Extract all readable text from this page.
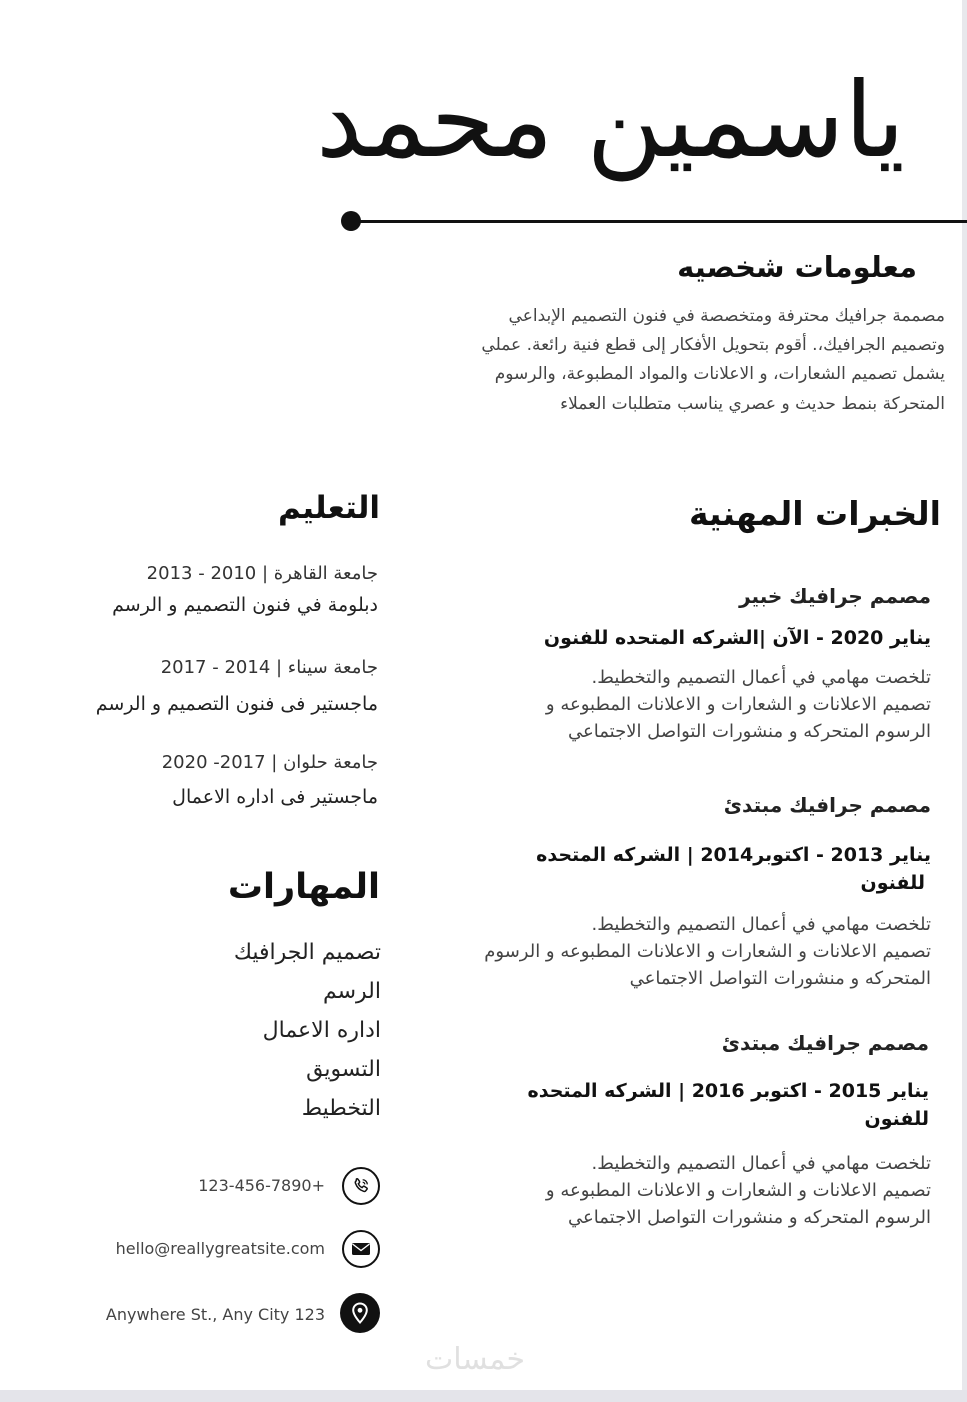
ياسمين محمد
معلومات شخصيه
مصممة جرافيك محترفة ومتخصصة في فنون التصميم الإبداعي
وتصميم الجرافيك،. أقوم بتحويل الأفكار إلى قطع فنية رائعة. عملي
يشمل تصميم الشعارات، و الاعلانات والمواد المطبوعة، والرسوم
المتحركة بنمط حديث و عصري يناسب متطلبات العملاء
الخبرات المهنية
مصمم جرافيك خبير
يناير 2020 - الآن |الشركه المتحده للفنون
تلخصت مهامي في أعمال التصميم والتخطيط.
تصميم الاعلانات و الشعارات و الاعلانات المطبوعه و
الرسوم المتحركه و منشورات التواصل الاجتماعي
مصمم جرافيك مبتدئ
يناير 2013 - اكتوبر2014 | الشركه المتحده
للفنون
تلخصت مهامي في أعمال التصميم والتخطيط.
تصميم الاعلانات و الشعارات و الاعلانات المطبوعه و الرسوم
المتحركه و منشورات التواصل الاجتماعي
مصمم جرافيك مبتدئ
يناير 2015 - اكتوبر 2016 | الشركه المتحده
للفنون
تلخصت مهامي في أعمال التصميم والتخطيط.
تصميم الاعلانات و الشعارات و الاعلانات المطبوعه و
الرسوم المتحركه و منشورات التواصل الاجتماعي
التعليم
جامعة القاهرة | 2010 - 2013
دبلومة في فنون التصميم و الرسم
جامعة سيناء | 2014 - 2017
ماجستير فى فنون التصميم و الرسم
جامعة حلوان | 2017- 2020
ماجستير فى اداره الاعمال
المهارات
تصميم الجرافيك
الرسم
اداره الاعمال
التسويق
التخطيط
123-456-7890+
hello@reallygreatsite.com
Anywhere St., Any City 123
خمسات
